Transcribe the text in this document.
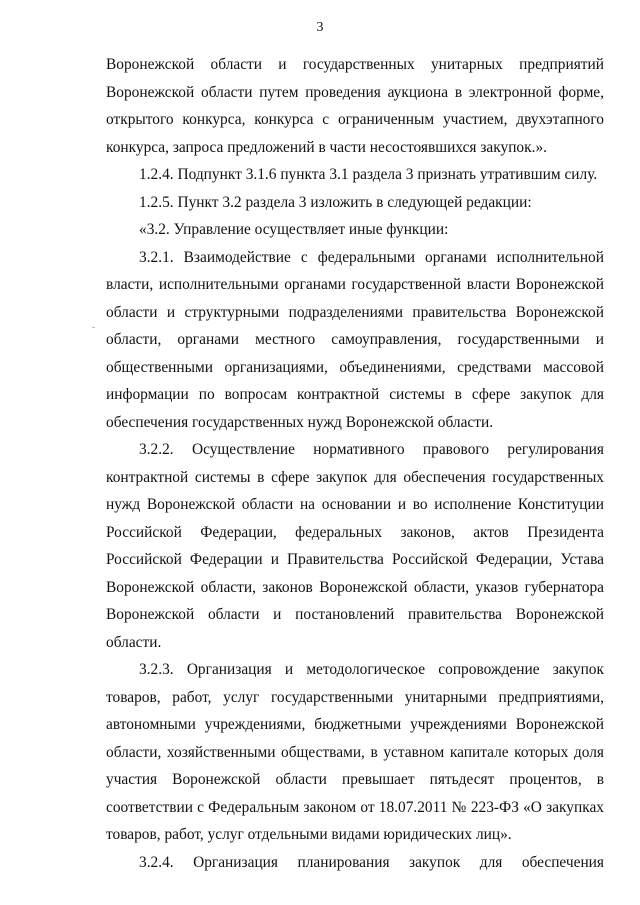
3

Воронежской области и государственных унитарных предприятий Воронежской области путем проведения аукциона в электронной форме, открытого конкурса, конкурса с ограниченным участием, двухэтапного конкурса, запроса предложений в части несостоявшихся закупок.».

1.2.4. Подпункт 3.1.6 пункта 3.1 раздела 3 признать утратившим силу.

1.2.5. Пункт 3.2 раздела 3 изложить в следующей редакции:

«3.2. Управление осуществляет иные функции:

3.2.1. Взаимодействие с федеральными органами исполнительной власти, исполнительными органами государственной власти Воронежской области и структурными подразделениями правительства Воронежской области, органами местного самоуправления, государственными и общественными организациями, объединениями, средствами массовой информации по вопросам контрактной системы в сфере закупок для обеспечения государственных нужд Воронежской области.

3.2.2. Осуществление нормативного правового регулирования контрактной системы в сфере закупок для обеспечения государственных нужд Воронежской области на основании и во исполнение Конституции Российской Федерации, федеральных законов, актов Президента Российской Федерации и Правительства Российской Федерации, Устава Воронежской области, законов Воронежской области, указов губернатора Воронежской области и постановлений правительства Воронежской области.

3.2.3. Организация и методологическое сопровождение закупок товаров, работ, услуг государственными унитарными предприятиями, автономными учреждениями, бюджетными учреждениями Воронежской области, хозяйственными обществами, в уставном капитале которых доля участия Воронежской области превышает пятьдесят процентов, в соответствии с Федеральным законом от 18.07.2011 № 223-ФЗ «О закупках товаров, работ, услуг отдельными видами юридических лиц».

3.2.4. Организация планирования закупок для обеспечения
